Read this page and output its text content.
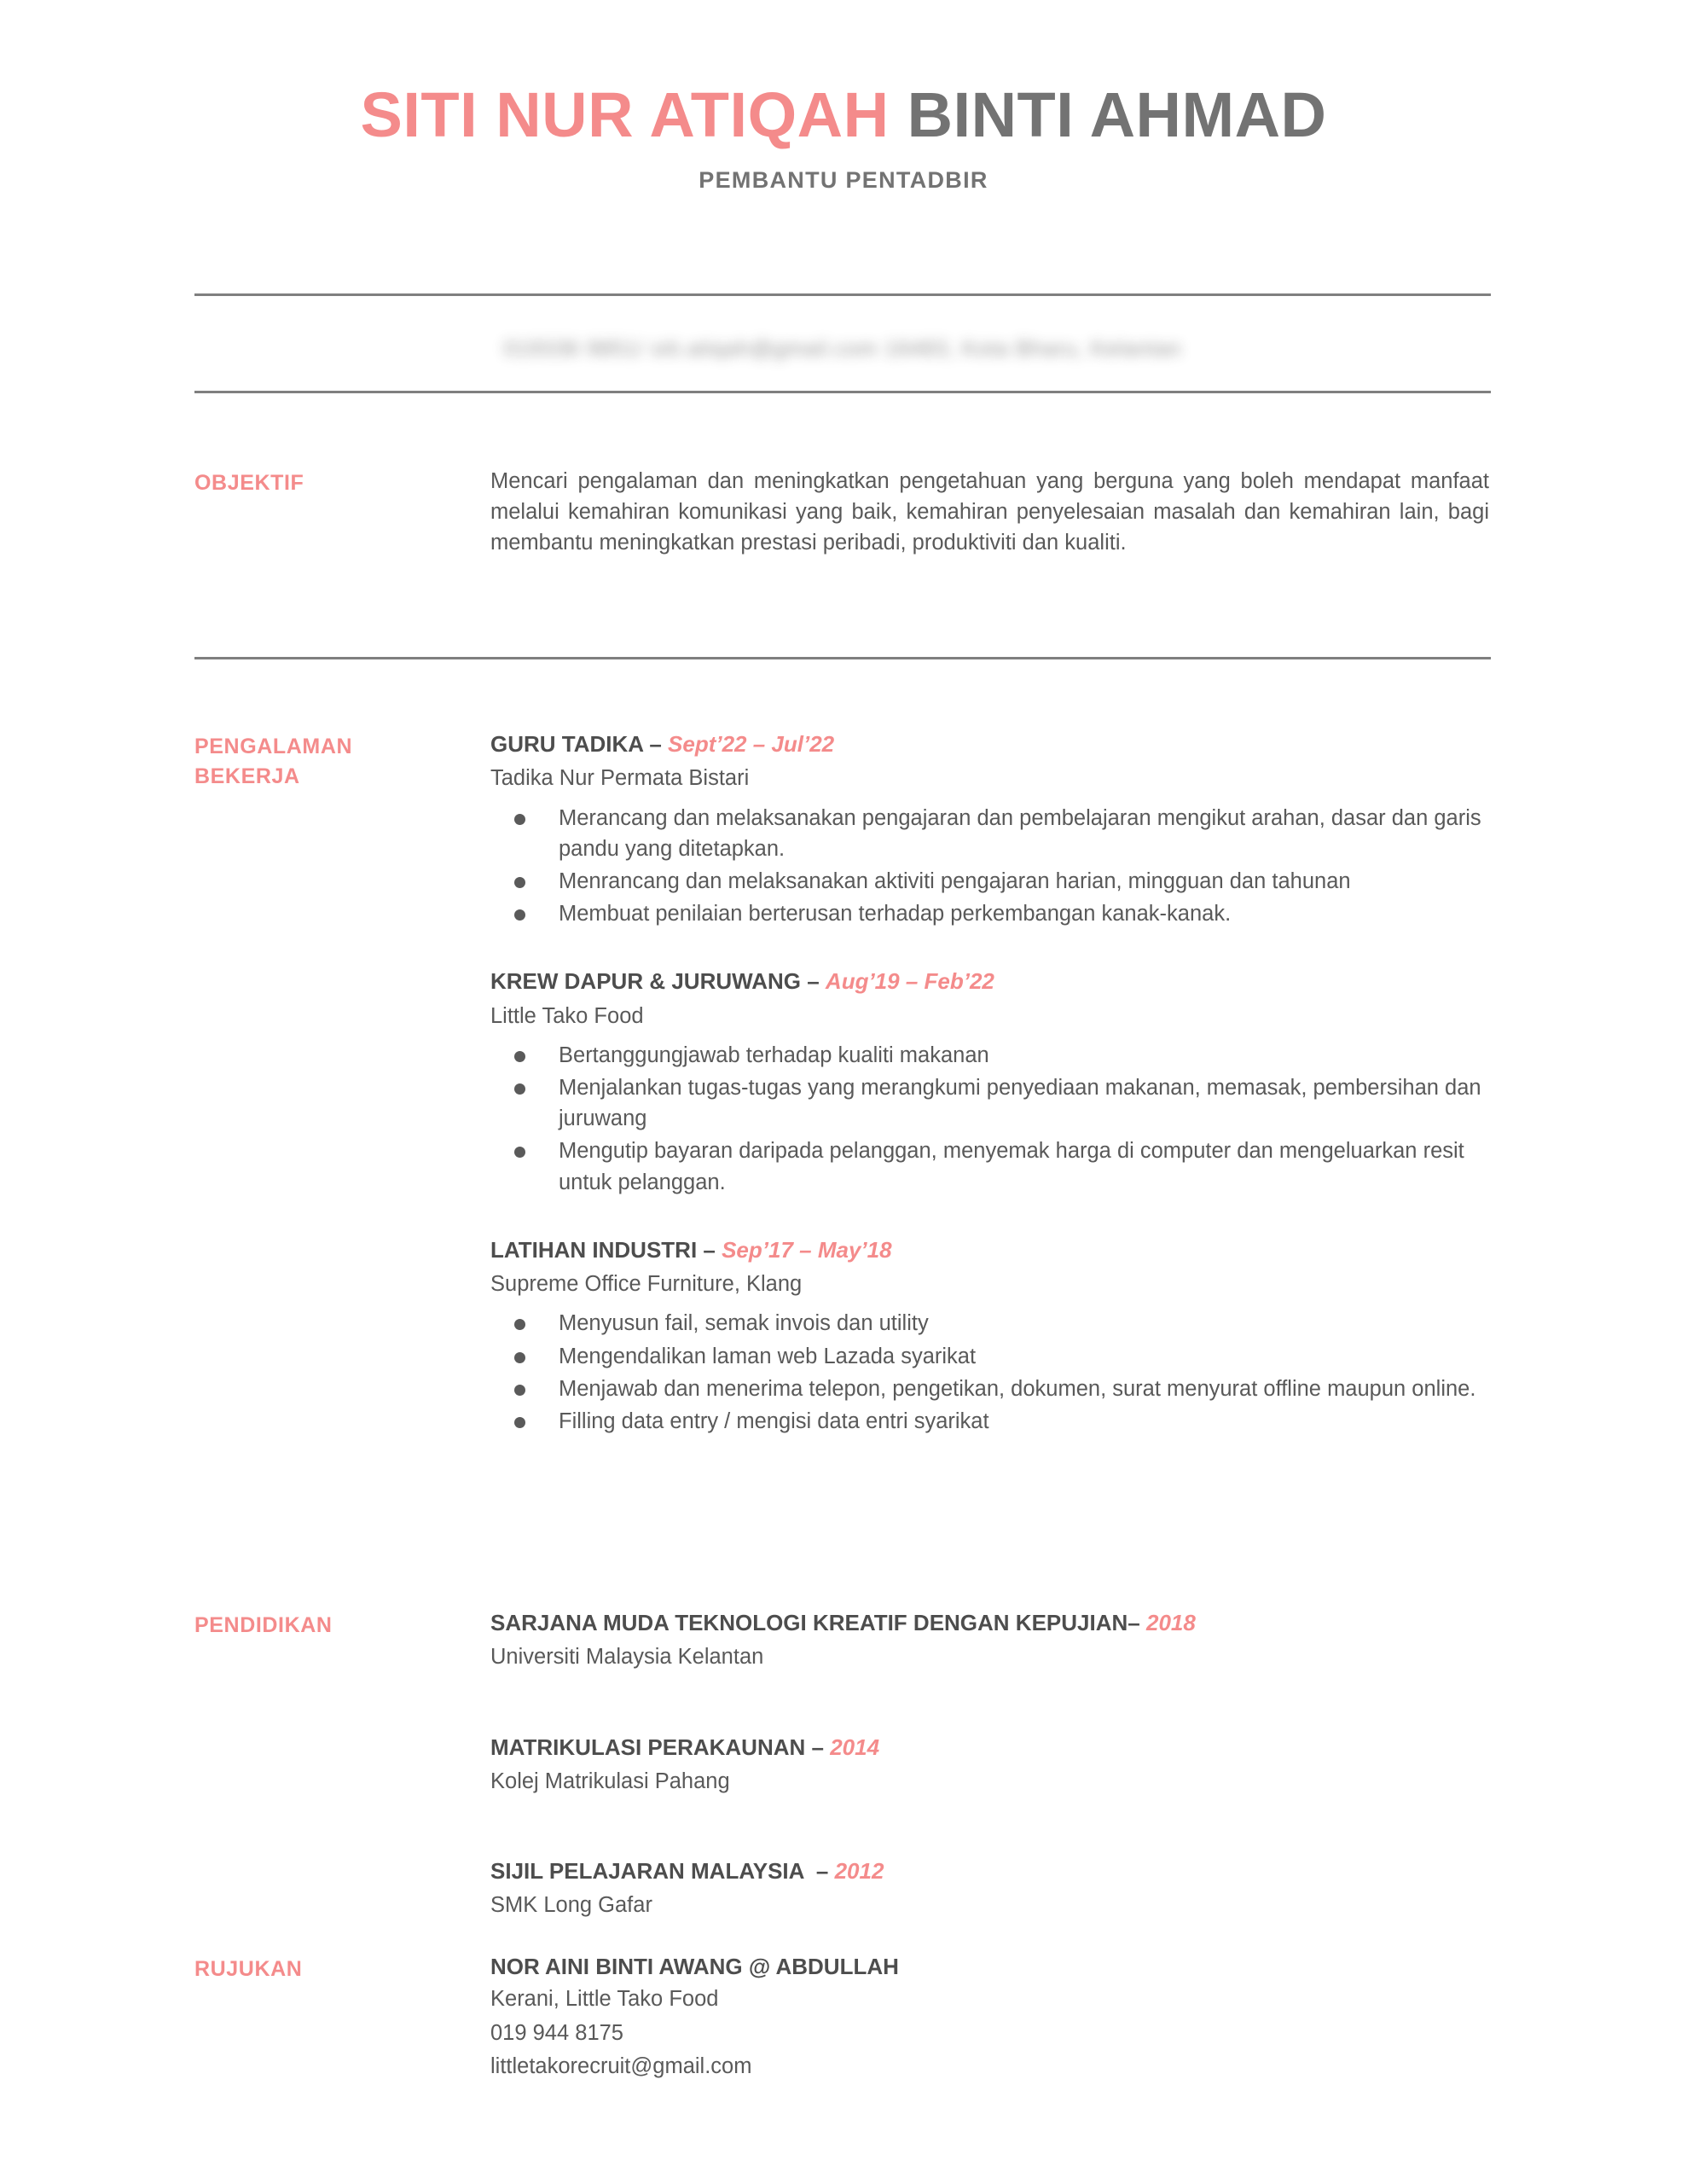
SITI NUR ATIQAH BINTI AHMAD
PEMBANTU PENTADBIR
019336 9851/ siti.atiqah@gmail.com 16483, Kota Bharu, Kelantan
OBJEKTIF	Mencari pengalaman dan meningkatkan pengetahuan yang berguna yang boleh mendapat manfaat melalui kemahiran komunikasi yang baik, kemahiran penyelesaian masalah dan kemahiran lain, bagi membantu meningkatkan prestasi peribadi, produktiviti dan kualiti.
PENGALAMAN
BEKERJA
GURU TADIKA – Sept’22 – Jul’22
Tadika Nur Permata Bistari
Merancang dan melaksanakan pengajaran dan pembelajaran mengikut arahan, dasar dan garis pandu yang ditetapkan.
Menrancang dan melaksanakan aktiviti pengajaran harian, mingguan dan tahunan
Membuat penilaian berterusan terhadap perkembangan kanak-kanak.
KREW DAPUR & JURUWANG – Aug’19 – Feb’22
Little Tako Food
Bertanggungjawab terhadap kualiti makanan
Menjalankan tugas-tugas yang merangkumi penyediaan makanan, memasak, pembersihan dan juruwang
Mengutip bayaran daripada pelanggan, menyemak harga di computer dan mengeluarkan resit untuk pelanggan.
LATIHAN INDUSTRI – Sep’17 – May’18
Supreme Office Furniture, Klang
Menyusun fail, semak invois dan utility
Mengendalikan laman web Lazada syarikat
Menjawab dan menerima telepon, pengetikan, dokumen, surat menyurat offline maupun online.
Filling data entry / mengisi data entri syarikat
PENDIDIKAN	SARJANA MUDA TEKNOLOGI KREATIF DENGAN KEPUJIAN– 2018
Universiti Malaysia Kelantan
MATRIKULASI PERAKAUNAN – 2014
Kolej Matrikulasi Pahang
SIJIL PELAJARAN MALAYSIA  – 2012
SMK Long Gafar
RUJUKAN	NOR AINI BINTI AWANG @ ABDULLAH
Kerani, Little Tako Food
019 944 8175
littletakorecruit@gmail.com
